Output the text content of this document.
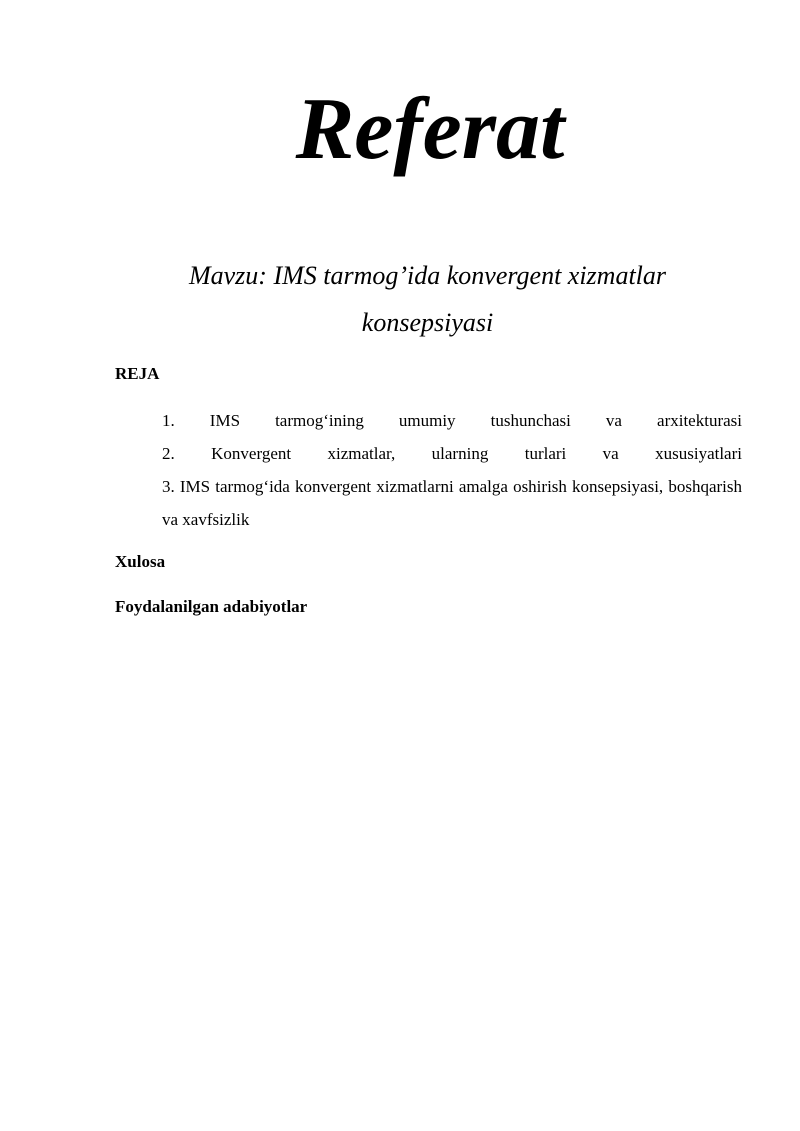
Referat
Mavzu: IMS tarmog’ida konvergent xizmatlar konsepsiyasi
REJA
1. IMS tarmog‘ining umumiy tushunchasi va arxitekturasi
2. Konvergent xizmatlar, ularning turlari va xususiyatlari
3. IMS tarmog‘ida konvergent xizmatlarni amalga oshirish konsepsiyasi, boshqarish va xavfsizlik
Xulosa
Foydalanilgan adabiyotlar
